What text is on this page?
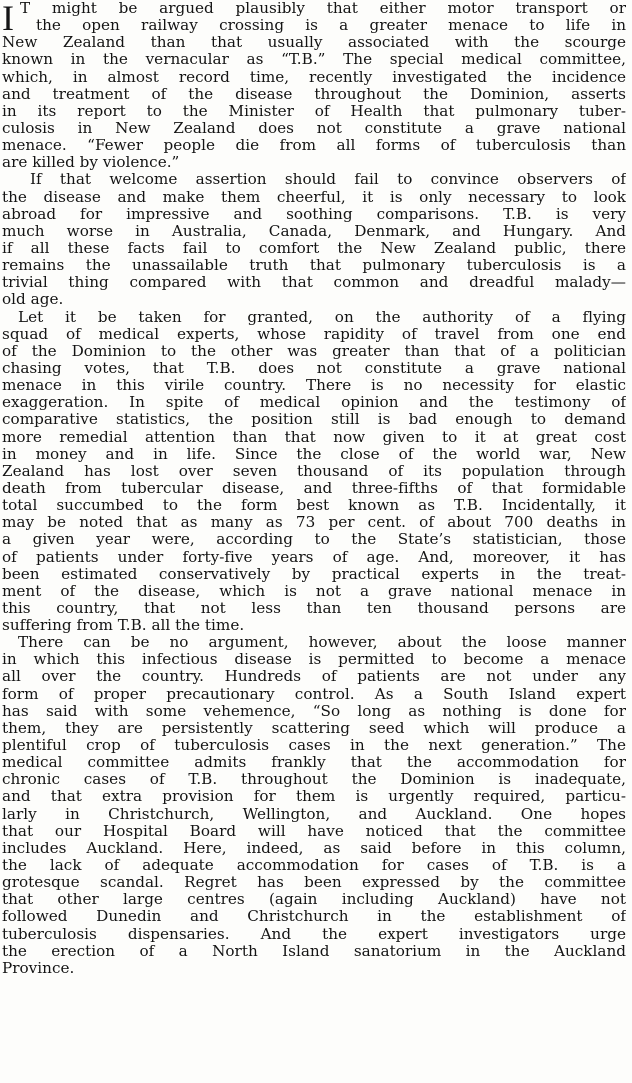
I T might be argued plausibly that either motor transport or
the open railway crossing is a greater menace to life in
New Zealand than that usually associated with the scourge
known in the vernacular as “T.B.” The special medical committee,
which, in almost record time, recently investigated the incidence
and treatment of the disease throughout the Dominion, asserts
in its report to the Minister of Health that pulmonary tuber-
culosis in New Zealand does not constitute a grave national
menace. “Fewer people die from all forms of tuberculosis than
are killed by violence.”
If that welcome assertion should fail to convince observers of
the disease and make them cheerful, it is only necessary to look
abroad for impressive and soothing comparisons. T.B. is very
much worse in Australia, Canada, Denmark, and Hungary. And
if all these facts fail to comfort the New Zealand public, there
remains the unassailable truth that pulmonary tuberculosis is a
trivial thing compared with that common and dreadful malady—
old age.
Let it be taken for granted, on the authority of a flying
squad of medical experts, whose rapidity of travel from one end
of the Dominion to the other was greater than that of a politician
chasing votes, that T.B. does not constitute a grave national
menace in this virile country. There is no necessity for elastic
exaggeration. In spite of medical opinion and the testimony of
comparative statistics, the position still is bad enough to demand
more remedial attention than that now given to it at great cost
in money and in life. Since the close of the world war, New
Zealand has lost over seven thousand of its population through
death from tubercular disease, and three-fifths of that formidable
total succumbed to the form best known as T.B. Incidentally, it
may be noted that as many as 73 per cent. of about 700 deaths in
a given year were, according to the State’s statistician, those
of patients under forty-five years of age. And, moreover, it has
been estimated conservatively by practical experts in the treat-
ment of the disease, which is not a grave national menace in
this country, that not less than ten thousand persons are
suffering from T.B. all the time.
There can be no argument, however, about the loose manner
in which this infectious disease is permitted to become a menace
all over the country. Hundreds of patients are not under any
form of proper precautionary control. As a South Island expert
has said with some vehemence, “So long as nothing is done for
them, they are persistently scattering seed which will produce a
plentiful crop of tuberculosis cases in the next generation.” The
medical committee admits frankly that the accommodation for
chronic cases of T.B. throughout the Dominion is inadequate,
and that extra provision for them is urgently required, particu-
larly in Christchurch, Wellington, and Auckland. One hopes
that our Hospital Board will have noticed that the committee
includes Auckland. Here, indeed, as said before in this column,
the lack of adequate accommodation for cases of T.B. is a
grotesque scandal. Regret has been expressed by the committee
that other large centres (again including Auckland) have not
followed Dunedin and Christchurch in the establishment of
tuberculosis dispensaries. And the expert investigators urge
the erection of a North Island sanatorium in the Auckland
Province.
